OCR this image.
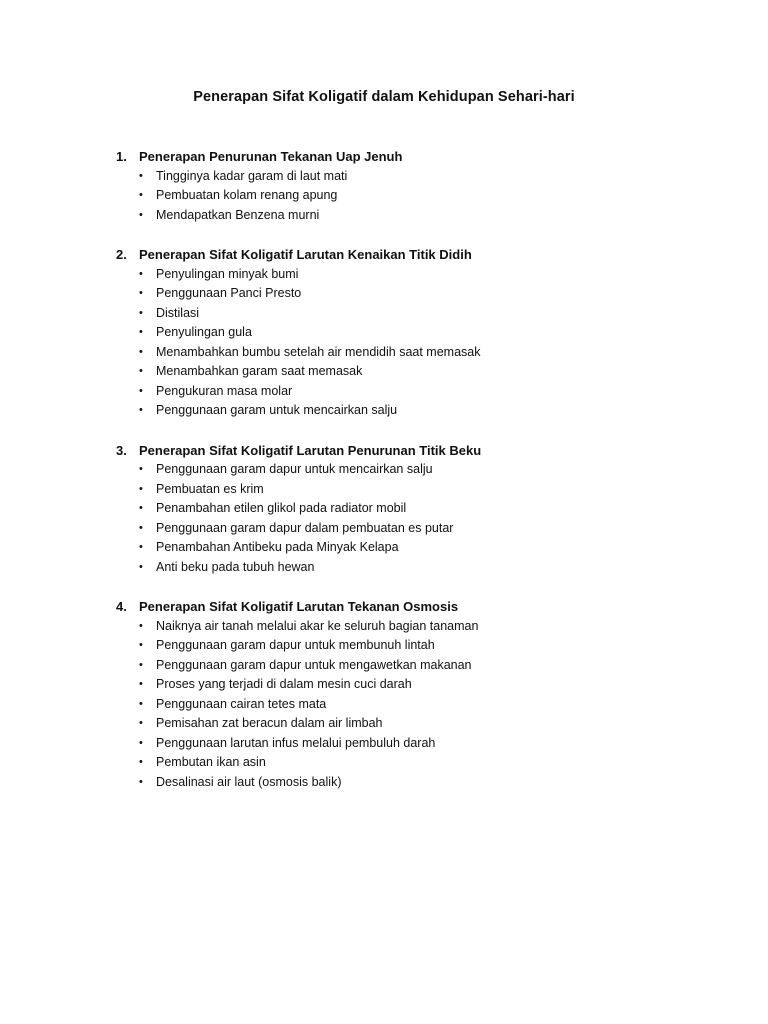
Penerapan Sifat Koligatif dalam Kehidupan Sehari-hari
1. Penerapan Penurunan Tekanan Uap Jenuh
•	Tingginya kadar garam di laut mati
•	Pembuatan kolam renang apung
•	Mendapatkan Benzena murni
2. Penerapan Sifat Koligatif Larutan Kenaikan Titik Didih
•	Penyulingan minyak bumi
•	Penggunaan Panci Presto
•	Distilasi
•	Penyulingan gula
•	Menambahkan bumbu setelah air mendidih saat memasak
•	Menambahkan garam saat memasak
•	Pengukuran masa molar
•	Penggunaan garam untuk mencairkan salju
3. Penerapan Sifat Koligatif Larutan Penurunan Titik Beku
•	Penggunaan garam dapur untuk mencairkan salju
•	Pembuatan es krim
•	Penambahan etilen glikol pada radiator mobil
•	Penggunaan garam dapur dalam pembuatan es putar
•	Penambahan Antibeku pada Minyak Kelapa
•	Anti beku pada tubuh hewan
4. Penerapan Sifat Koligatif Larutan Tekanan Osmosis
•	Naiknya air tanah melalui akar ke seluruh bagian tanaman
•	Penggunaan garam dapur untuk membunuh lintah
•	Penggunaan garam dapur untuk mengawetkan makanan
•	Proses yang terjadi di dalam mesin cuci darah
•	Penggunaan cairan tetes mata
•	Pemisahan zat beracun dalam air limbah
•	Penggunaan larutan infus melalui pembuluh darah
•	Pembutan ikan asin
•	Desalinasi air laut (osmosis balik)
